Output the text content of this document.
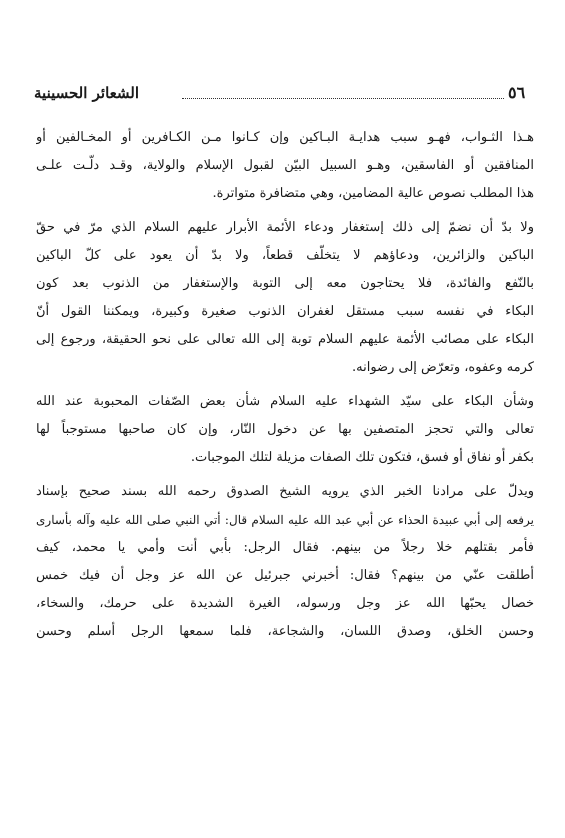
الشعائر الحسينية	٥٦
هـذا الثـواب، فهـو سبب هدايـة البـاكين وإن كـانوا مـن الكـافرين أو المخـالفين أو
المنافقين أو الفاسقين، وهـو السبيل البيّن لقبول الإسلام والولاية، وقـد دلّـت علـى
هذا المطلب نصوص عالية المضامين، وهي متضافرة متواترة.
ولا بدّ أن نضمّ إلى ذلك إستغفار ودعاء الأئمة الأبرار عليهم السلام الذي مرّ في حقّ
الباكين والزائرين، ودعاؤهم لا يتخلّف قطعاً، ولا بدّ أن يعود على كلّ الباكين
بالنّفع والفائدة، فلا يحتاجون معه إلى التوبة والإستغفار من الذنوب بعد كون
البكاء في نفسه سبب مستقل لغفران الذنوب صغيرة وكبيرة، ويمكننا القول أنّ
البكاء على مصائب الأئمة عليهم السلام توبة إلى الله تعالى على نحو الحقيقة، ورجوع إلى
كرمه وعفوه، وتعرّض إلى رضوانه.
وشأن البكاء على سيّد الشهداء عليه السلام شأن بعض الصّفات المحبوبة عند الله
تعالى والتي تحجز المتصفين بها عن دخول النّار، وإن كان صاحبها مستوجباً لها
بكفر أو نفاق أو فسق، فتكون تلك الصفات مزيلة لتلك الموجبات.
ويدلّ على مرادنا الخبر الذي يرويه الشيخ الصدوق رحمه الله بسند صحيح بإسناد
يرفعه إلى أبي عبيدة الحذاء عن أبي عبد الله عليه السلام قال: أتي النبي صلى الله عليه وآله بأسارى
فأمر بقتلهم خلا رجلاً من بينهم. فقال الرجل: بأبي أنت وأمي يا محمد، كيف
أطلقت عنّي من بينهم؟ فقال: أخبرني جبرئيل عن الله عز وجل أن فيك خمس
خصال يحبّها الله عز وجل ورسوله، الغيرة الشديدة على حرمك، والسخاء،
وحسن الخلق، وصدق اللسان، والشجاعة، فلما سمعها الرجل أسلم وحسن
